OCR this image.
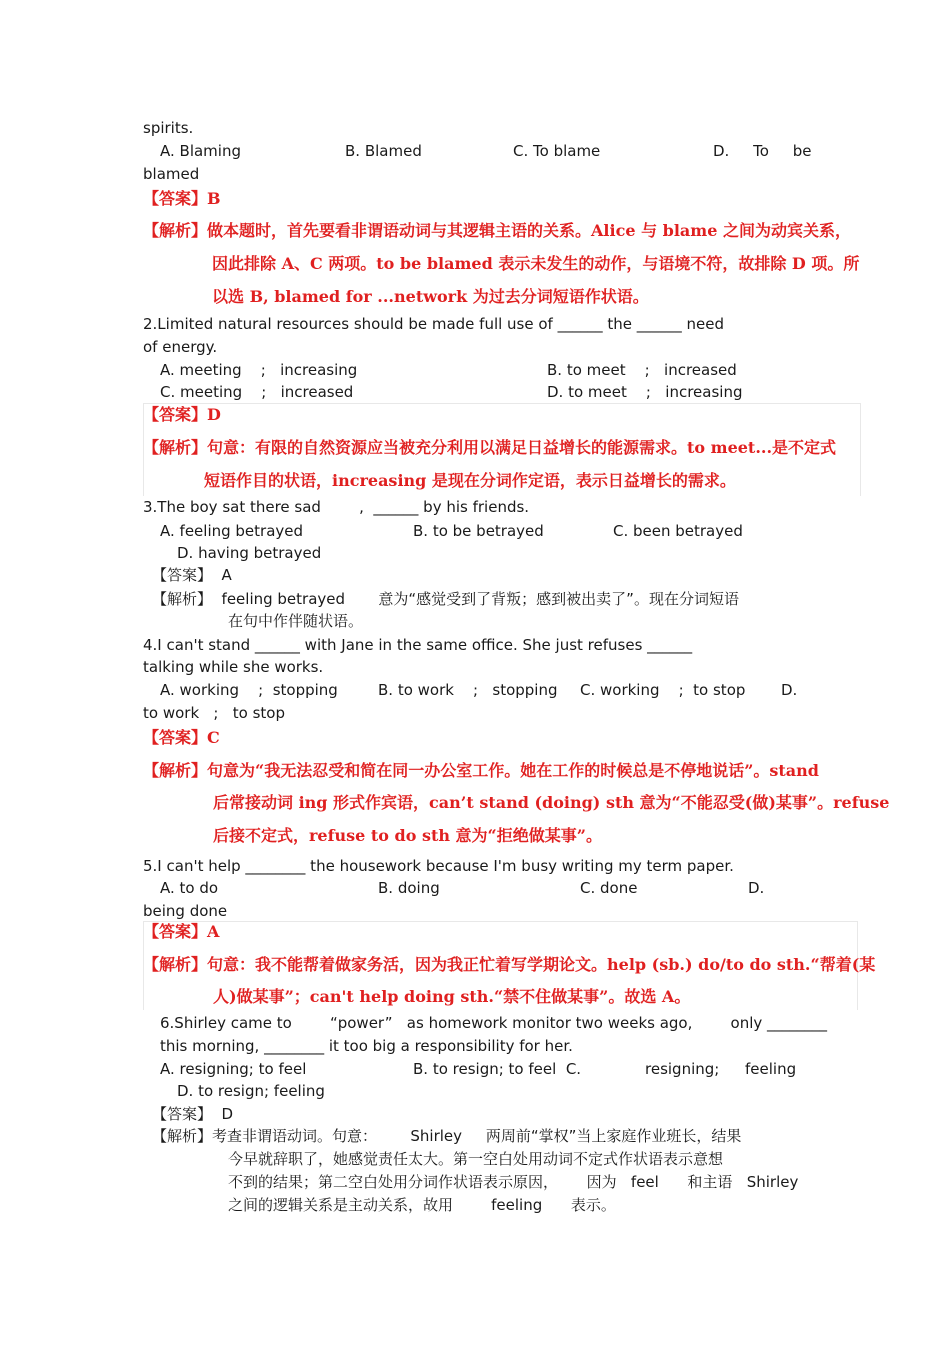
spirits.
A. Blaming	B. Blamed	C. To blame	D.     To     be
blamed
【答案】B
【解析】做本题时，首先要看非谓语动词与其逻辑主语的关系。Alice 与 blame 之间为动宾关系，
因此排除 A、C 两项。to be blamed 表示未发生的动作，与语境不符，故排除 D 项。所
以选 B, blamed for ...network 为过去分词短语作状语。
2.Limited natural resources should be made full use of ______ the ______ need
of energy.
A. meeting    ;   increasing	B. to meet    ;   increased
C. meeting    ;   increased	D. to meet    ;   increasing
【答案】D
【解析】句意：有限的自然资源应当被充分利用以满足日益增长的能源需求。to meet...是不定式
短语作目的状语，increasing 是现在分词作定语，表示日益增长的需求。
3.The boy sat there sad        ,  ______ by his friends.
A. feeling betrayed	B. to be betrayed	C. been betrayed
D. having betrayed
【答案】  A
【解析】  feeling betrayed       意为“感觉受到了背叛；感到被出卖了”。现在分词短语
在句中作伴随状语。
4.I can't stand ______ with Jane in the same office. She just refuses ______
talking while she works.
A. working    ;  stopping	B. to work    ;   stopping C. working    ;  to stop D.
to work   ;   to stop
【答案】C
【解析】句意为“我无法忍受和简在同一办公室工作。她在工作的时候总是不停地说话”。stand
后常接动词 ing 形式作宾语，can’t stand (doing) sth 意为“不能忍受(做)某事”。refuse
后接不定式，refuse to do sth 意为“拒绝做某事”。
5.I can't help ________ the housework because I'm busy writing my term paper.
A. to do	B. doing	C. done	D.
being done
【答案】A
【解析】句意：我不能帮着做家务活，因为我正忙着写学期论文。help (sb.) do/to do sth.“帮着(某
人)做某事”；can't help doing sth.“禁不住做某事”。故选 A。
6.Shirley came to        “power”   as homework monitor two weeks ago,        only ________
this morning, ________ it too big a responsibility for her.
A. resigning; to feel	B. to resign; to feel  C.	resigning; feeling
D. to resign; feeling
【答案】  D
【解析】考查非谓语动词。句意：       Shirley     两周前“掌权”当上家庭作业班长，结果
今早就辞职了，她感觉责任太大。第一空白处用动词不定式作状语表示意想
不到的结果；第二空白处用分词作状语表示原因，      因为   feel      和主语   Shirley
之间的逻辑关系是主动关系，故用        feeling      表示。
